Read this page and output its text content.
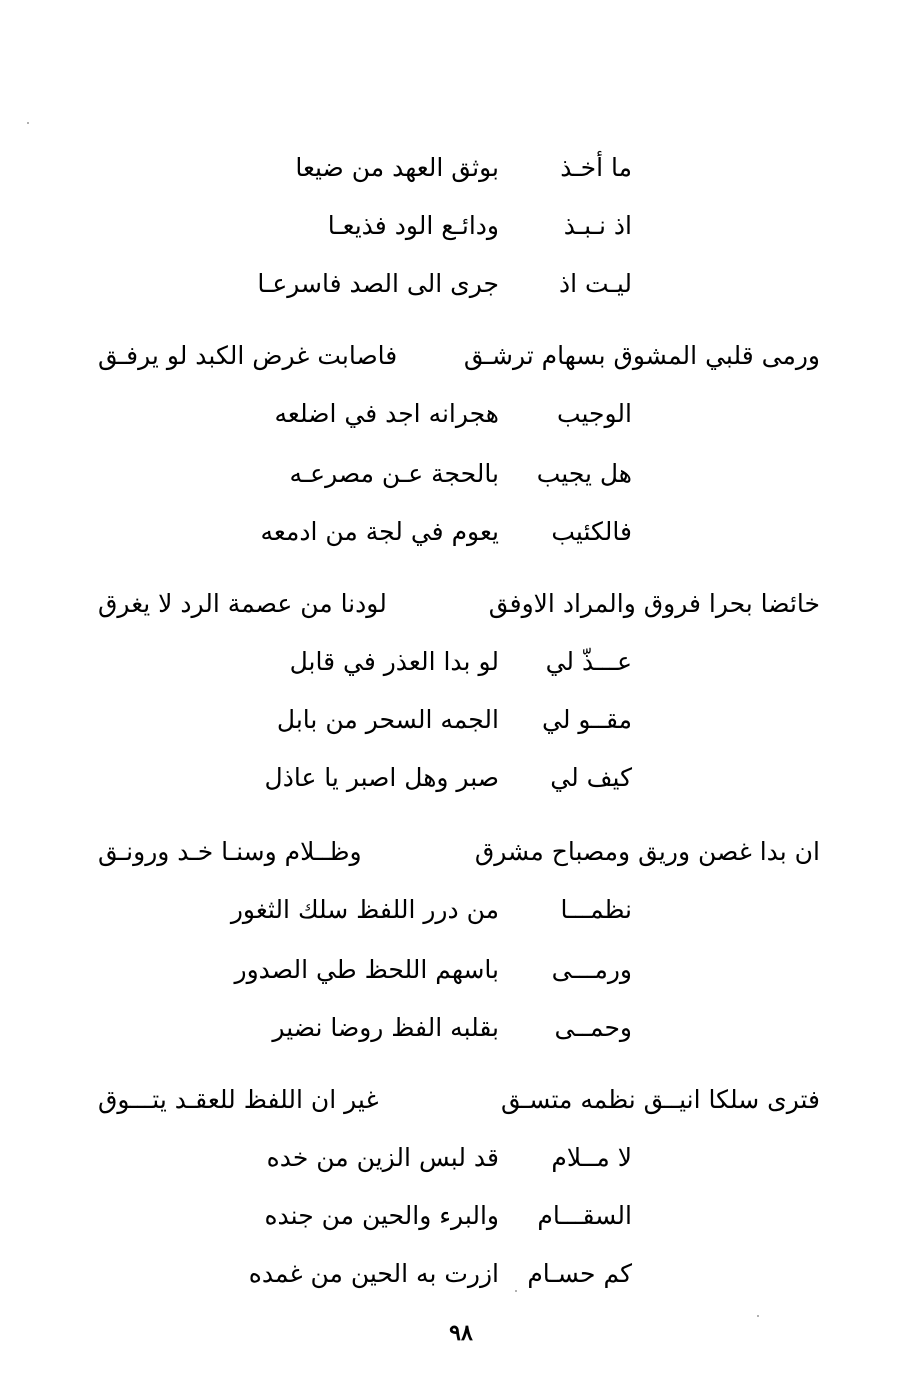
ما أخـذ
بوثق العهد من ضيعا
اذ نـبـذ
ودائـع الود فذيعـا
ليـت اذ
جرى الى الصد فاسرعـا
ورمى قلبي المشوق بسهام ترشـق
فاصابت غرض الكبد لو يرفـق
الوجيب
هجرانه اجد في اضلعه
هل يجيب
بالحجة عـن مصرعـه
فالكئيب
يعوم في لجة من ادمعه
خائضا بحرا فروق والمراد الاوفق
لودنا من عصمة الرد لا يغرق
عـــذّ لي
لو بدا العذر في قابل
مقــو لي
الجمه السحر من بابل
كيف لي
صبر وهل اصبر يا عاذل
ان بدا غصن وريق ومصباح مشرق
وظــلام وسنـا خـد ورونـق
نظمـــا
من درر اللفظ سلك الثغور
ورمـــى
باسهم اللحظ طي الصدور
وحمــى
بقلبه الفظ روضا نضير
فترى سلكا انيــق نظمه متسـق
غير ان اللفظ للعقـد يتـــوق
لا مــلام
قد لبس الزين من خده
السقـــام
والبرء والحين من جنده
كم حسـام
ازرت به الحين من غمده
٩٨
